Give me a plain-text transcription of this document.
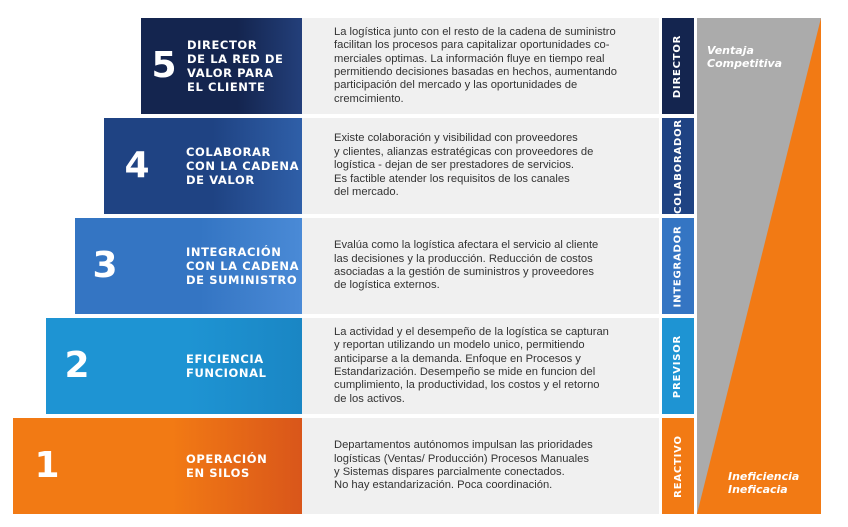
5 DIRECTOR
DE LA RED DE
VALOR PARA
EL CLIENTE
La logística junto con el resto de la cadena de suministro
facilitan los procesos para capitalizar oportunidades co-
merciales optimas. La información fluye en tiempo real
permitiendo decisiones basadas en hechos, aumentando
participación del mercado y las oportunidades de
cremcimiento.
DIRECTOR
4	COLABORAR
CON LA CADENA
DE VALOR
Existe colaboración y visibilidad con proveedores
y clientes, alianzas estratégicas con proveedores de
logística - dejan de ser prestadores de servicios.
Es factible atender los requisitos de los canales
del mercado.	COLABORADOR
3	INTEGRACIÓN
CON LA CADENA
DE SUMINISTRO
Evalúa como la logística afectara el servicio al cliente
las decisiones y la producción. Reducción de costos
asociadas a la gestión de suministros y proveedores
de logística externos.	INTEGRADOR
2	EFICIENCIA
FUNCIONAL
La actividad y el desempeño de la logística se capturan
y reportan utilizando un modelo unico, permitiendo
anticiparse a la demanda. Enfoque en Procesos y
Estandarización. Desempeño se mide en funcion del
cumplimiento, la productividad, los costos y el retorno
de los activos.
PREVISOR
1	OPERACIÓN
EN SILOS
Departamentos autónomos impulsan las prioridades
logísticas (Ventas/ Producción) Procesos Manuales
y Sistemas dispares parcialmente conectados.
No hay estandarización. Poca coordinación.	REACTIVO
Ventaja
Competitiva
Ineficiencia
Ineficacia
